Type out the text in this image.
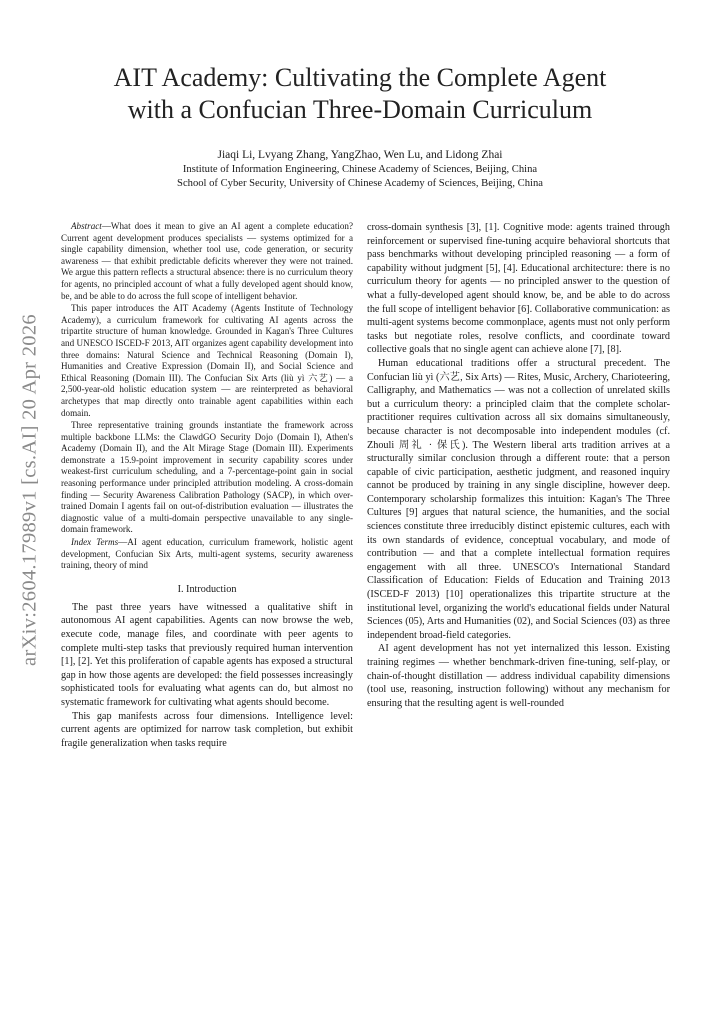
arXiv:2604.17989v1 [cs.AI] 20 Apr 2026
AIT Academy: Cultivating the Complete Agent
with a Confucian Three-Domain Curriculum
Jiaqi Li, Lvyang Zhang, YangZhao, Wen Lu, and Lidong Zhai
Institute of Information Engineering, Chinese Academy of Sciences, Beijing, China
School of Cyber Security, University of Chinese Academy of Sciences, Beijing, China

Abstract—What does it mean to give an AI agent a complete education? Current agent development produces specialists — systems optimized for a single capability dimension, whether tool use, code generation, or security awareness — that exhibit predictable deficits wherever they were not trained. We argue this pattern reflects a structural absence: there is no curriculum theory for agents, no principled account of what a fully developed agent should know, be, and be able to do across the full scope of intelligent behavior.

This paper introduces the AIT Academy (Agents Institute of Technology Academy), a curriculum framework for cultivating AI agents across the tripartite structure of human knowledge. Grounded in Kagan's Three Cultures and UNESCO ISCED-F 2013, AIT organizes agent capability development into three domains: Natural Science and Technical Reasoning (Domain I), Humanities and Creative Expression (Domain II), and Social Science and Ethical Reasoning (Domain III). The Confucian Six Arts (liù yì 六艺) — a 2,500-year-old holistic education system — are reinterpreted as behavioral archetypes that map directly onto trainable agent capabilities within each domain.

Three representative training grounds instantiate the framework across multiple backbone LLMs: the ClawdGO Security Dojo (Domain I), Athen's Academy (Domain II), and the Alt Mirage Stage (Domain III). Experiments demonstrate a 15.9-point improvement in security capability scores under weakest-first curriculum scheduling, and a 7-percentage-point gain in social reasoning performance under principled attribution modeling. A cross-domain finding — Security Awareness Calibration Pathology (SACP), in which over-trained Domain I agents fail on out-of-distribution evaluation — illustrates the diagnostic value of a multi-domain perspective unavailable to any single-domain framework.

Index Terms—AI agent education, curriculum framework, holistic agent development, Confucian Six Arts, multi-agent systems, security awareness training, theory of mind

I. Introduction

The past three years have witnessed a qualitative shift in autonomous AI agent capabilities. Agents can now browse the web, execute code, manage files, and coordinate with peer agents to complete multi-step tasks that previously required human intervention [1], [2]. Yet this proliferation of capable agents has exposed a structural gap in how those agents are developed: the field possesses increasingly sophisticated tools for evaluating what agents can do, but almost no systematic framework for cultivating what agents should become.

This gap manifests across four dimensions. Intelligence level: current agents are optimized for narrow task completion, but exhibit fragile generalization when tasks require

cross-domain synthesis [3], [1]. Cognitive mode: agents trained through reinforcement or supervised fine-tuning acquire behavioral shortcuts that pass benchmarks without developing principled reasoning — a form of capability without judgment [5], [4]. Educational architecture: there is no curriculum theory for agents — no principled answer to the question of what a fully-developed agent should know, be, and be able to do across the full scope of intelligent behavior [6]. Collaborative communication: as multi-agent systems become commonplace, agents must not only perform tasks but negotiate roles, resolve conflicts, and coordinate toward collective goals that no single agent can achieve alone [7], [8].

Human educational traditions offer a structural precedent. The Confucian liù yì (六艺, Six Arts) — Rites, Music, Archery, Charioteering, Calligraphy, and Mathematics — was not a collection of unrelated skills but a curriculum theory: a principled claim that the complete scholar-practitioner requires cultivation across all six domains simultaneously, because character is not decomposable into independent modules (cf. Zhouli 周礼 · 保氏). The Western liberal arts tradition arrives at a structurally similar conclusion through a different route: that a person capable of civic participation, aesthetic judgment, and reasoned inquiry cannot be produced by training in any single discipline, however deep. Contemporary scholarship formalizes this intuition: Kagan's The Three Cultures [9] argues that natural science, the humanities, and the social sciences constitute three irreducibly distinct epistemic cultures, each with its own standards of evidence, conceptual vocabulary, and mode of contribution — and that a complete intellectual formation requires engagement with all three. UNESCO's International Standard Classification of Education: Fields of Education and Training 2013 (ISCED-F 2013) [10] operationalizes this tripartite structure at the institutional level, organizing the world's educational fields under Natural Sciences (05), Arts and Humanities (02), and Social Sciences (03) as three independent broad-field categories.

AI agent development has not yet internalized this lesson. Existing training regimes — whether benchmark-driven fine-tuning, self-play, or chain-of-thought distillation — address individual capability dimensions (tool use, reasoning, instruction following) without any mechanism for ensuring that the resulting agent is well-rounded
